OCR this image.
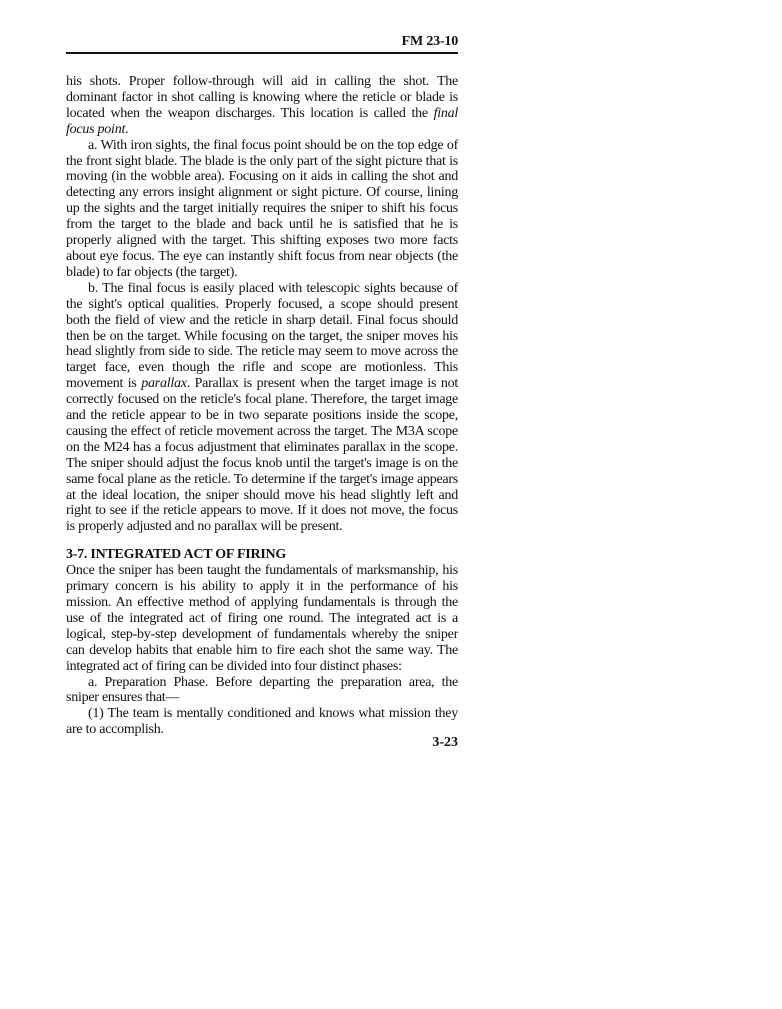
FM 23-10

his shots. Proper follow-through will aid in calling the shot. The dominant factor in shot calling is knowing where the reticle or blade is located when the weapon discharges. This location is called the final focus point.

a. With iron sights, the final focus point should be on the top edge of the front sight blade. The blade is the only part of the sight picture that is moving (in the wobble area). Focusing on it aids in calling the shot and detecting any errors insight alignment or sight picture. Of course, lining up the sights and the target initially requires the sniper to shift his focus from the target to the blade and back until he is satisfied that he is properly aligned with the target. This shifting exposes two more facts about eye focus. The eye can instantly shift focus from near objects (the blade) to far objects (the target).

b. The final focus is easily placed with telescopic sights because of the sight's optical qualities. Properly focused, a scope should present both the field of view and the reticle in sharp detail. Final focus should then be on the target. While focusing on the target, the sniper moves his head slightly from side to side. The reticle may seem to move across the target face, even though the rifle and scope are motionless. This movement is parallax. Parallax is present when the target image is not correctly focused on the reticle's focal plane. Therefore, the target image and the reticle appear to be in two separate positions inside the scope, causing the effect of reticle movement across the target. The M3A scope on the M24 has a focus adjustment that eliminates parallax in the scope. The sniper should adjust the focus knob until the target's image is on the same focal plane as the reticle. To determine if the target's image appears at the ideal location, the sniper should move his head slightly left and right to see if the reticle appears to move. If it does not move, the focus is properly adjusted and no parallax will be present.

3-7. INTEGRATED ACT OF FIRING

Once the sniper has been taught the fundamentals of marksmanship, his primary concern is his ability to apply it in the performance of his mission. An effective method of applying fundamentals is through the use of the integrated act of firing one round. The integrated act is a logical, step-by-step development of fundamentals whereby the sniper can develop habits that enable him to fire each shot the same way. The integrated act of firing can be divided into four distinct phases:

a. Preparation Phase. Before departing the preparation area, the sniper ensures that—

(1) The team is mentally conditioned and knows what mission they are to accomplish.

3-23
